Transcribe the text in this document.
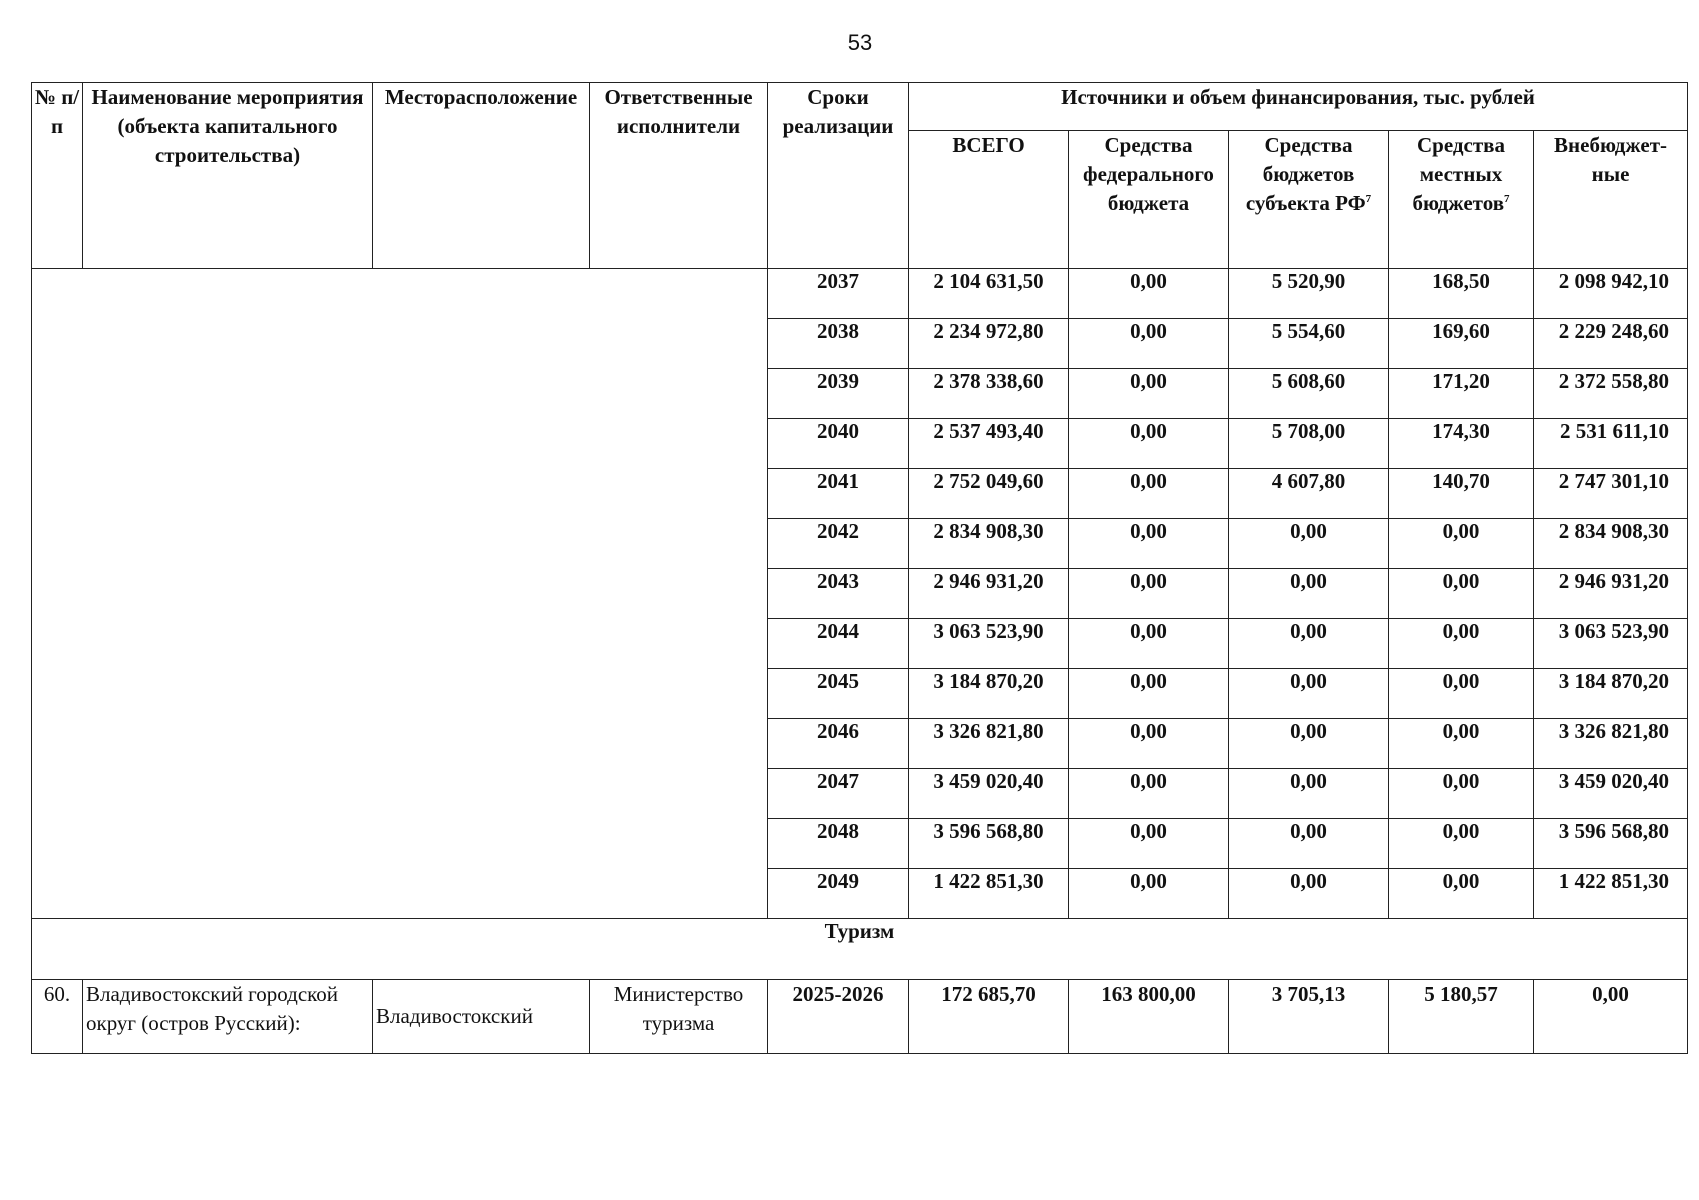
53
№ п/п	Наименование мероприятия (объекта капитального строительства)	Месторасположение	Ответственные исполнители	Сроки реализации	Источники и объем финансирования, тыс. рублей				
					ВСЕГО	Средства федерального бюджета	Средства бюджетов субъекта $РФ^7$	Средства местных бюджетов$^7$	Внебюджет- ные
				2037	2 104 631,50	0,00	5 520,90	168,50	2 098 942,10
				2038	2 234 972,80	0,00	5 554,60	169,60	2 229 248,60
				2039	2 378 338,60	0,00	5 608,60	171,20	2 372 558,80
				2040	2 537 493,40	0,00	5 708,00	174,30	2 531 611,10
				2041	2 752 049,60	0,00	4 607,80	140,70	2 747 301,10
				2042	2 834 908,30	0,00	0,00	0,00	2 834 908,30
				2043	2 946 931,20	0,00	0,00	0,00	2 946 931,20
				2044	3 063 523,90	0,00	0,00	0,00	3 063 523,90
				2045	3 184 870,20	0,00	0,00	0,00	3 184 870,20
				2046	3 326 821,80	0,00	0,00	0,00	3 326 821,80
				2047	3 459 020,40	0,00	0,00	0,00	3 459 020,40
				2048	3 596 568,80	0,00	0,00	0,00	3 596 568,80
				2049	1 422 851,30	0,00	0,00	0,00	1 422 851,30
Туризм									
60.	Владивостокский городской округ (остров Русский):	Владивостокский	Министерство туризма	2025-2026	172 685,70	163 800,00	3 705,13	5 180,57	0,00
